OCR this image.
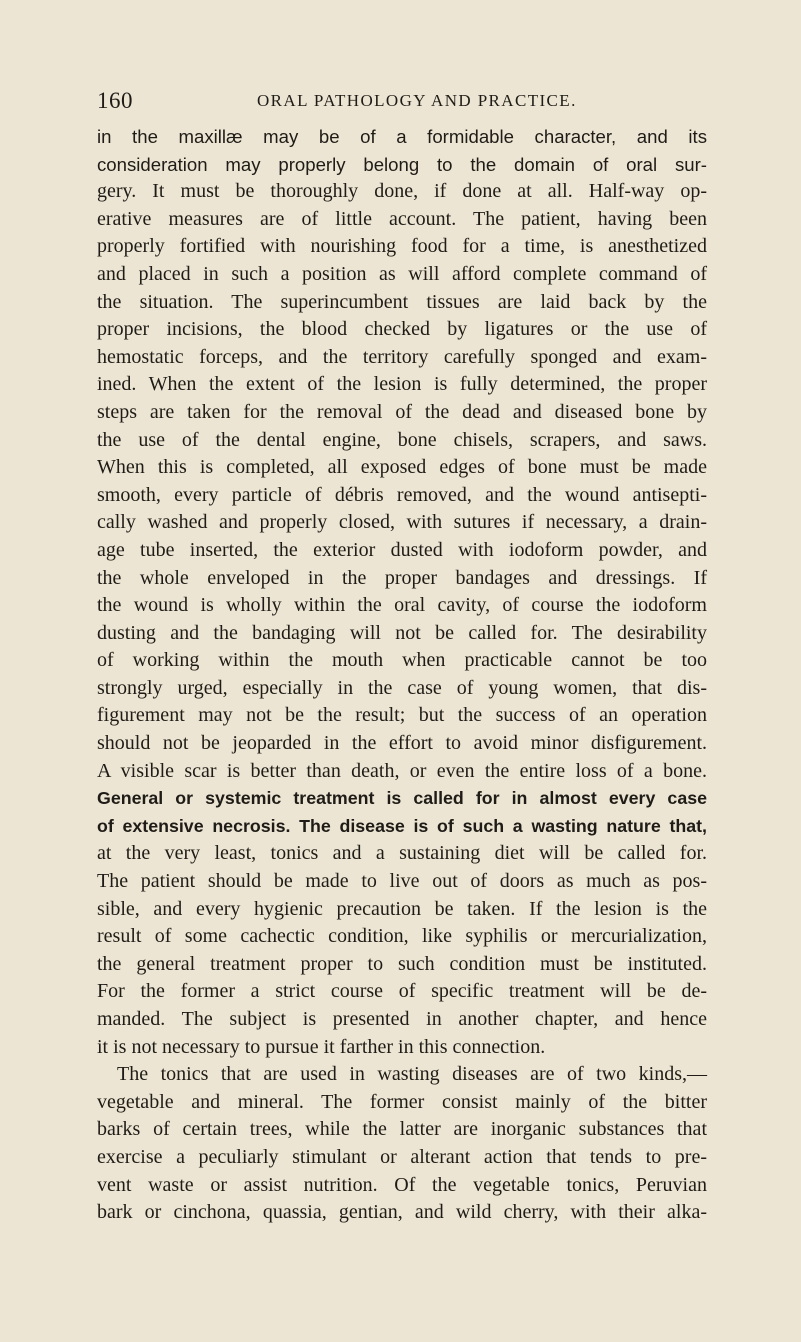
160	ORAL PATHOLOGY AND PRACTICE.
in the maxillæ may be of a formidable character, and its
consideration may properly belong to the domain of oral sur-
gery. It must be thoroughly done, if done at all. Half-way op-
erative measures are of little account. The patient, having been
properly fortified with nourishing food for a time, is anesthetized
and placed in such a position as will afford complete command of
the situation. The superincumbent tissues are laid back by the
proper incisions, the blood checked by ligatures or the use of
hemostatic forceps, and the territory carefully sponged and exam-
ined. When the extent of the lesion is fully determined, the proper
steps are taken for the removal of the dead and diseased bone by
the use of the dental engine, bone chisels, scrapers, and saws.
When this is completed, all exposed edges of bone must be made
smooth, every particle of débris removed, and the wound antisepti-
cally washed and properly closed, with sutures if necessary, a drain-
age tube inserted, the exterior dusted with iodoform powder, and
the whole enveloped in the proper bandages and dressings. If
the wound is wholly within the oral cavity, of course the iodoform
dusting and the bandaging will not be called for. The desirability
of working within the mouth when practicable cannot be too
strongly urged, especially in the case of young women, that dis-
figurement may not be the result; but the success of an operation
should not be jeoparded in the effort to avoid minor disfigurement.
A visible scar is better than death, or even the entire loss of a bone.
General or systemic treatment is called for in almost every case
of extensive necrosis. The disease is of such a wasting nature that,
at the very least, tonics and a sustaining diet will be called for.
The patient should be made to live out of doors as much as pos-
sible, and every hygienic precaution be taken. If the lesion is the
result of some cachectic condition, like syphilis or mercurialization,
the general treatment proper to such condition must be instituted.
For the former a strict course of specific treatment will be de-
manded. The subject is presented in another chapter, and hence
it is not necessary to pursue it farther in this connection.
The tonics that are used in wasting diseases are of two kinds,—
vegetable and mineral. The former consist mainly of the bitter
barks of certain trees, while the latter are inorganic substances that
exercise a peculiarly stimulant or alterant action that tends to pre-
vent waste or assist nutrition. Of the vegetable tonics, Peruvian
bark or cinchona, quassia, gentian, and wild cherry, with their alka-
